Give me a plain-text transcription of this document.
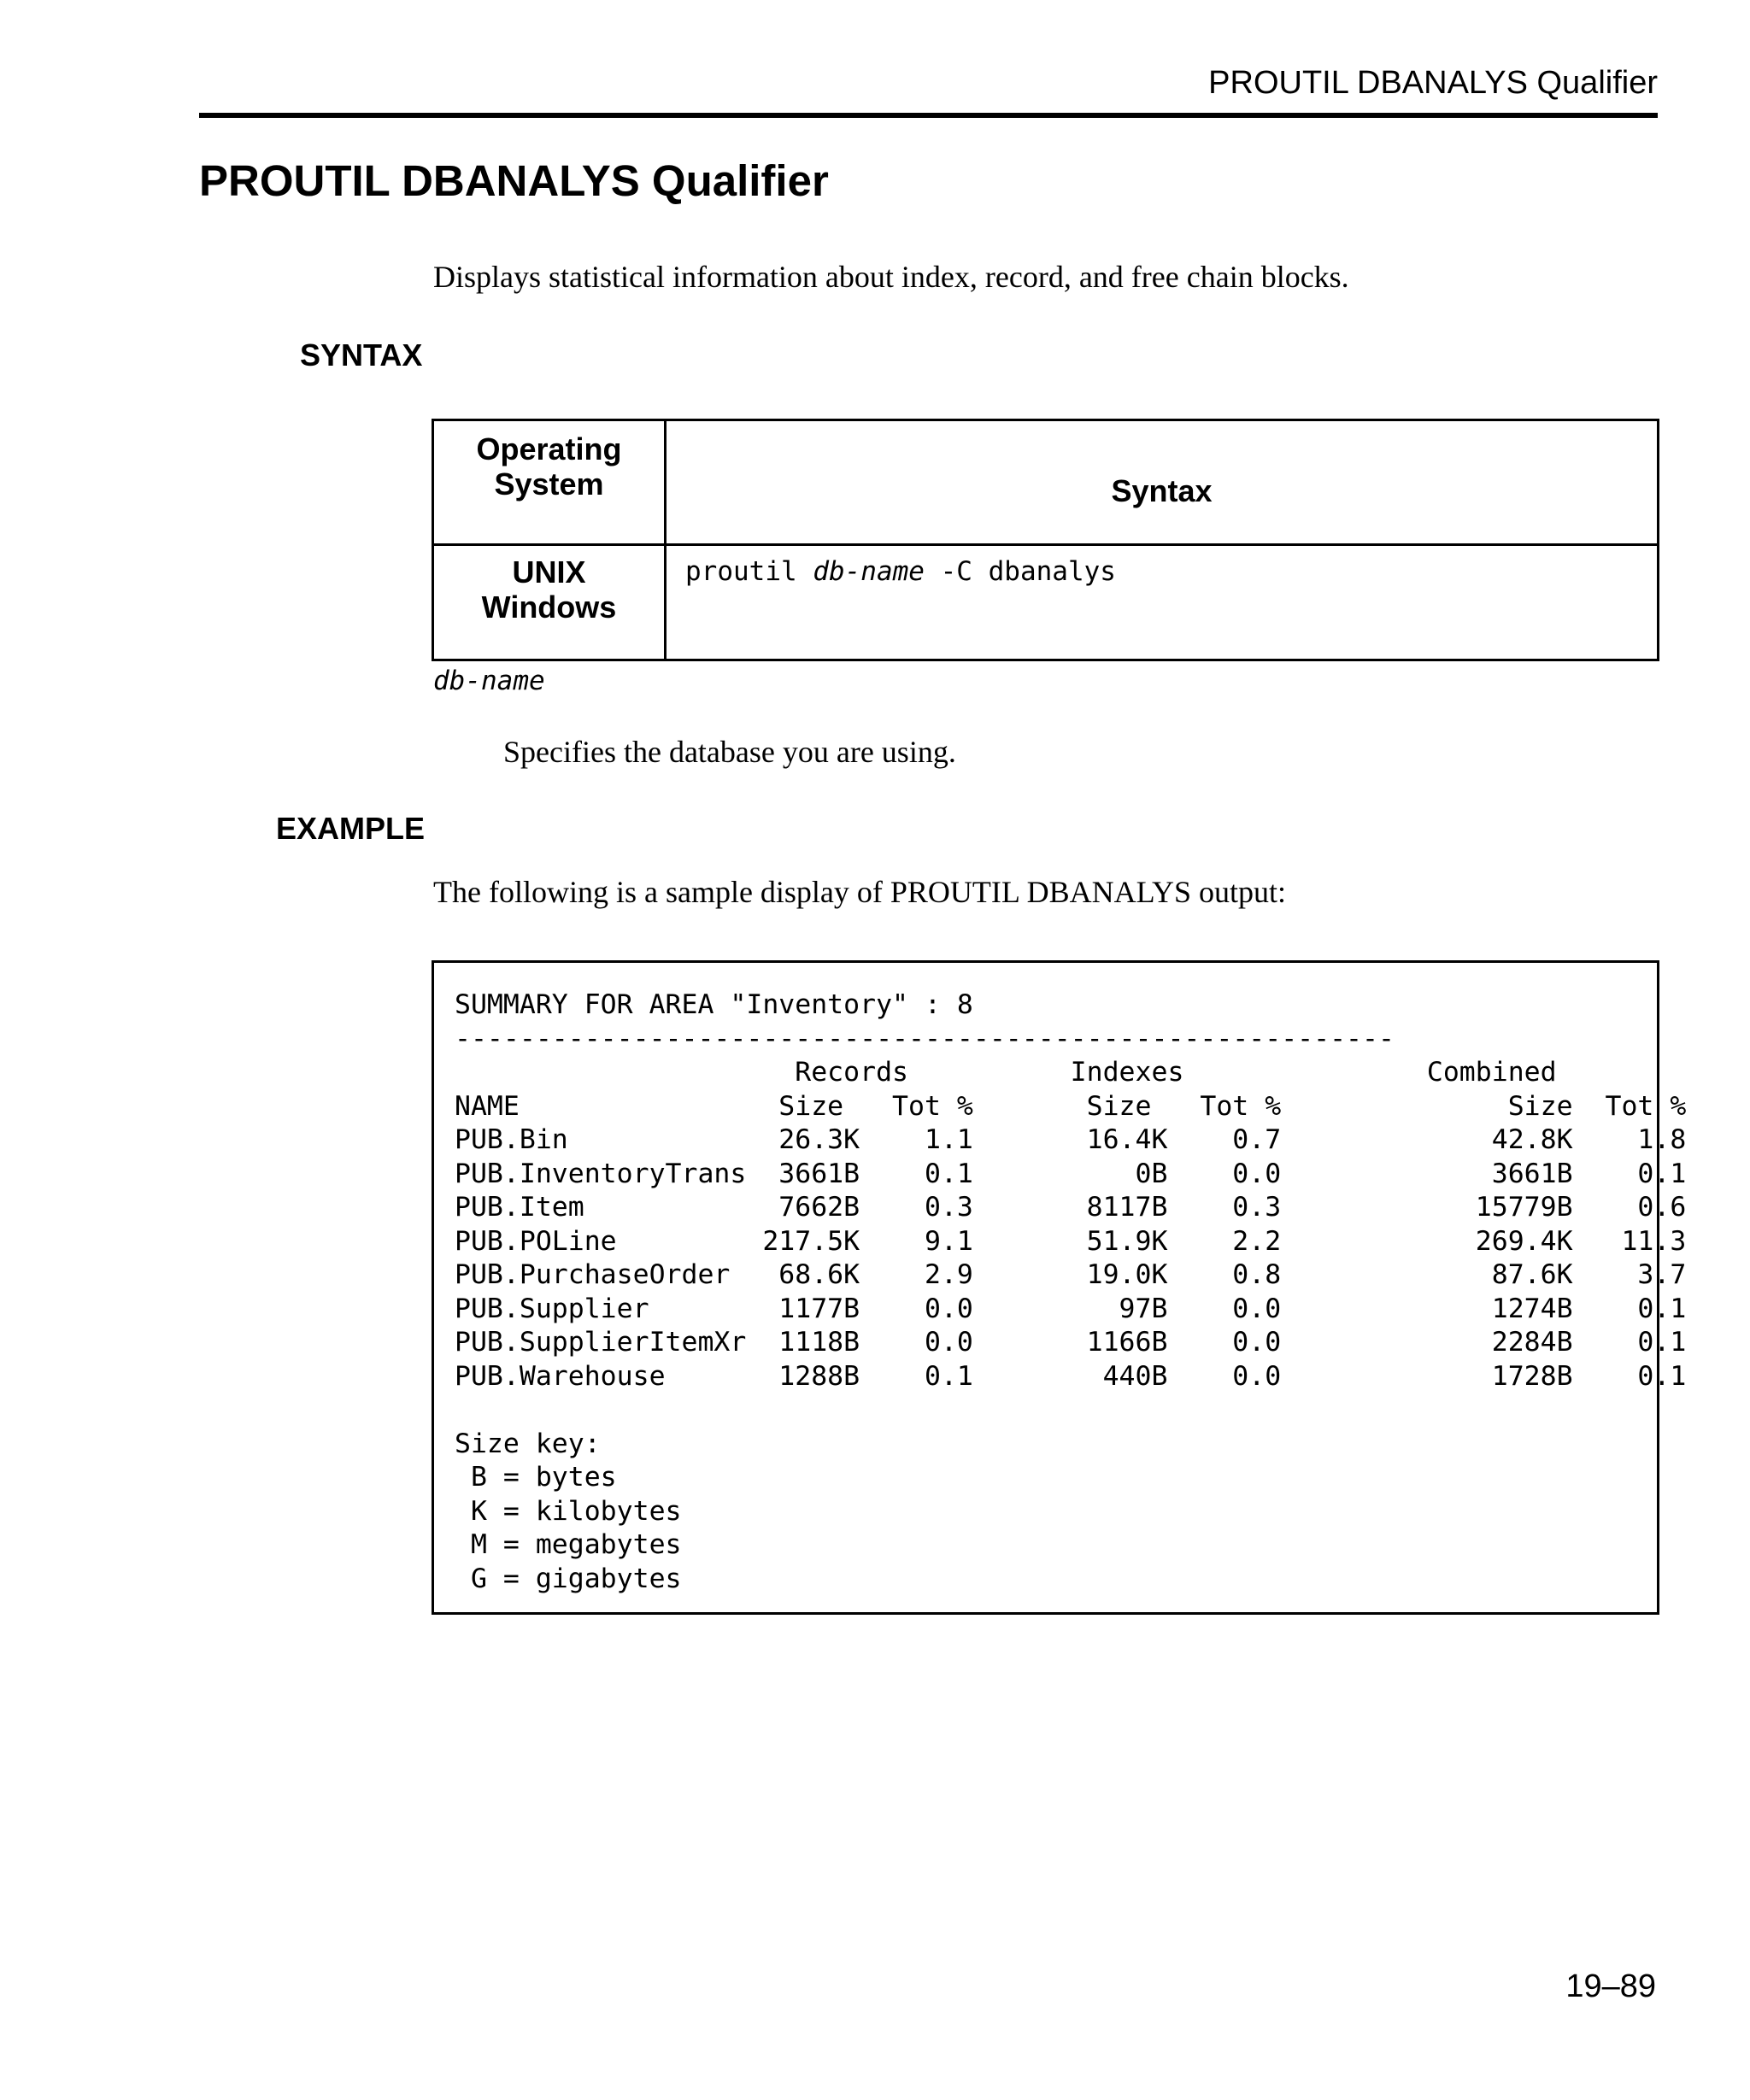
PROUTIL DBANALYS Qualifier
PROUTIL DBANALYS Qualifier
Displays statistical information about index, record, and free chain blocks.
SYNTAX
Operating System	Syntax

UNIX
Windows	proutil db-name -C dbanalys
db-name
Specifies the database you are using.
EXAMPLE
The following is a sample display of PROUTIL DBANALYS output:
SUMMARY FOR AREA "Inventory" : 8
----------------------------------------------------------
Records          Indexes               Combined
NAME                Size   Tot %       Size   Tot %              Size  Tot %
PUB.Bin             26.3K    1.1       16.4K    0.7             42.8K    1.8
PUB.InventoryTrans  3661B    0.1          0B    0.0             3661B    0.1
PUB.Item            7662B    0.3       8117B    0.3            15779B    0.6
PUB.POLine         217.5K    9.1       51.9K    2.2            269.4K   11.3
PUB.PurchaseOrder   68.6K    2.9       19.0K    0.8             87.6K    3.7
PUB.Supplier        1177B    0.0         97B    0.0             1274B    0.1
PUB.SupplierItemXr  1118B    0.0       1166B    0.0             2284B    0.1
PUB.Warehouse       1288B    0.1        440B    0.0             1728B    0.1

Size key:
B = bytes
K = kilobytes
M = megabytes
G = gigabytes
19–89
